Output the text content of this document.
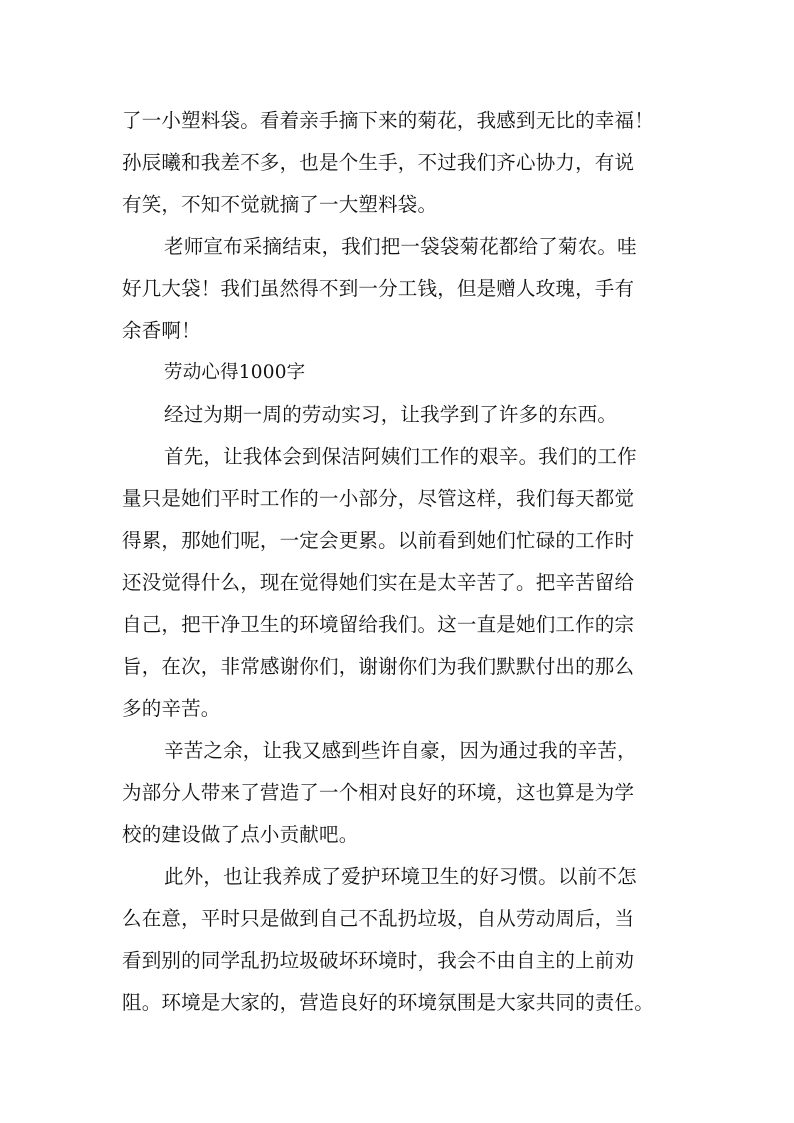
了一小塑料袋。看着亲手摘下来的菊花，我感到无比的幸福！
孙辰曦和我差不多，也是个生手，不过我们齐心协力，有说
有笑，不知不觉就摘了一大塑料袋。
老师宣布采摘结束，我们把一袋袋菊花都给了菊农。哇
好几大袋！我们虽然得不到一分工钱，但是赠人玫瑰，手有
余香啊！
劳动心得1000字
经过为期一周的劳动实习，让我学到了许多的东西。
首先，让我体会到保洁阿姨们工作的艰辛。我们的工作
量只是她们平时工作的一小部分，尽管这样，我们每天都觉
得累，那她们呢，一定会更累。以前看到她们忙碌的工作时
还没觉得什么，现在觉得她们实在是太辛苦了。把辛苦留给
自己，把干净卫生的环境留给我们。这一直是她们工作的宗
旨，在次，非常感谢你们，谢谢你们为我们默默付出的那么
多的辛苦。
辛苦之余，让我又感到些许自豪，因为通过我的辛苦，
为部分人带来了营造了一个相对良好的环境，这也算是为学
校的建设做了点小贡献吧。
此外，也让我养成了爱护环境卫生的好习惯。以前不怎
么在意，平时只是做到自己不乱扔垃圾，自从劳动周后，当
看到别的同学乱扔垃圾破坏环境时，我会不由自主的上前劝
阻。环境是大家的，营造良好的环境氛围是大家共同的责任。
